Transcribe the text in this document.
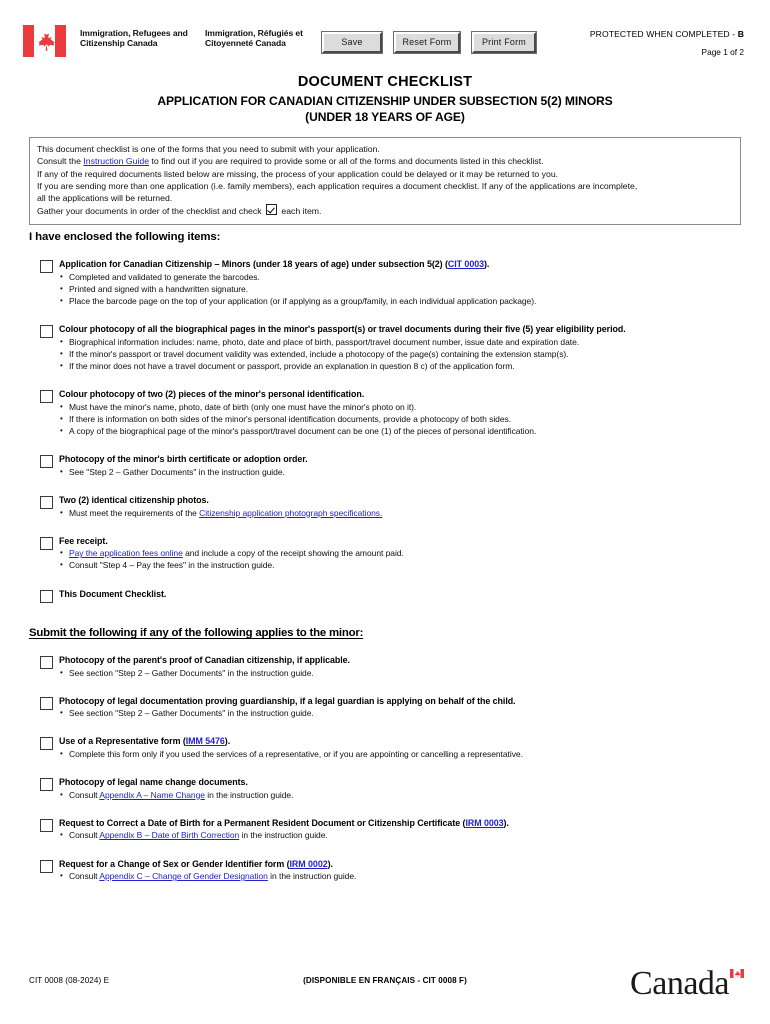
Immigration, Refugees and Citizenship Canada
Immigration, Réfugiés et Citoyenneté Canada	Save	Reset Form	Print Form
PROTECTED WHEN COMPLETED - B
Page 1 of 2
DOCUMENT CHECKLIST
APPLICATION FOR CANADIAN CITIZENSHIP UNDER SUBSECTION 5(2) MINORS
(UNDER 18 YEARS OF AGE)
This document checklist is one of the forms that you need to submit with your application.
Consult the Instruction Guide to find out if you are required to provide some or all of the forms and documents listed in this checklist.
If any of the required documents listed below are missing, the process of your application could be delayed or it may be returned to you.
If you are sending more than one application (i.e. family members), each application requires a document checklist. If any of the applications are incomplete,
all the applications will be returned.
Gather your documents in order of the checklist and check  each item.
I have enclosed the following items:
Application for Canadian Citizenship – Minors (under 18 years of age) under subsection 5(2) (CIT 0003).
• Completed and validated to generate the barcodes.
• Printed and signed with a handwritten signature.
• Place the barcode page on the top of your application (or if applying as a group/family, in each individual application package).
Colour photocopy of all the biographical pages in the minor's passport(s) or travel documents during their five (5) year eligibility period.
• Biographical information includes: name, photo, date and place of birth, passport/travel document number, issue date and expiration date.
• If the minor's passport or travel document validity was extended, include a photocopy of the page(s) containing the extension stamp(s).
• If the minor does not have a travel document or passport, provide an explanation in question 8 c) of the application form.
Colour photocopy of two (2) pieces of the minor's personal identification.
• Must have the minor's name, photo, date of birth (only one must have the minor's photo on it).
• If there is information on both sides of the minor's personal identification documents, provide a photocopy of both sides.
• A copy of the biographical page of the minor's passport/travel document can be one (1) of the pieces of personal identification.
Photocopy of the minor's birth certificate or adoption order.
• See "Step 2 – Gather Documents" in the instruction guide.
Two (2) identical citizenship photos.
• Must meet the requirements of the Citizenship application photograph specifications.
Fee receipt.
• Pay the application fees online and include a copy of the receipt showing the amount paid.
• Consult "Step 4 – Pay the fees" in the instruction guide.
This Document Checklist.
Submit the following if any of the following applies to the minor:
Photocopy of the parent's proof of Canadian citizenship, if applicable.
• See section "Step 2 – Gather Documents" in the instruction guide.
Photocopy of legal documentation proving guardianship, if a legal guardian is applying on behalf of the child.
• See section "Step 2 – Gather Documents" in the instruction guide.
Use of a Representative form (IMM 5476).
• Complete this form only if you used the services of a representative, or if you are appointing or cancelling a representative.
Photocopy of legal name change documents.
• Consult Appendix A – Name Change in the instruction guide.
Request to Correct a Date of Birth for a Permanent Resident Document or Citizenship Certificate (IRM 0003).
• Consult Appendix B – Date of Birth Correction in the instruction guide.
Request for a Change of Sex or Gender Identifier form (IRM 0002).
• Consult Appendix C – Change of Gender Designation in the instruction guide.
CIT 0008 (08-2024) E	(DISPONIBLE EN FRANÇAIS - CIT 0008 F)	Canada
